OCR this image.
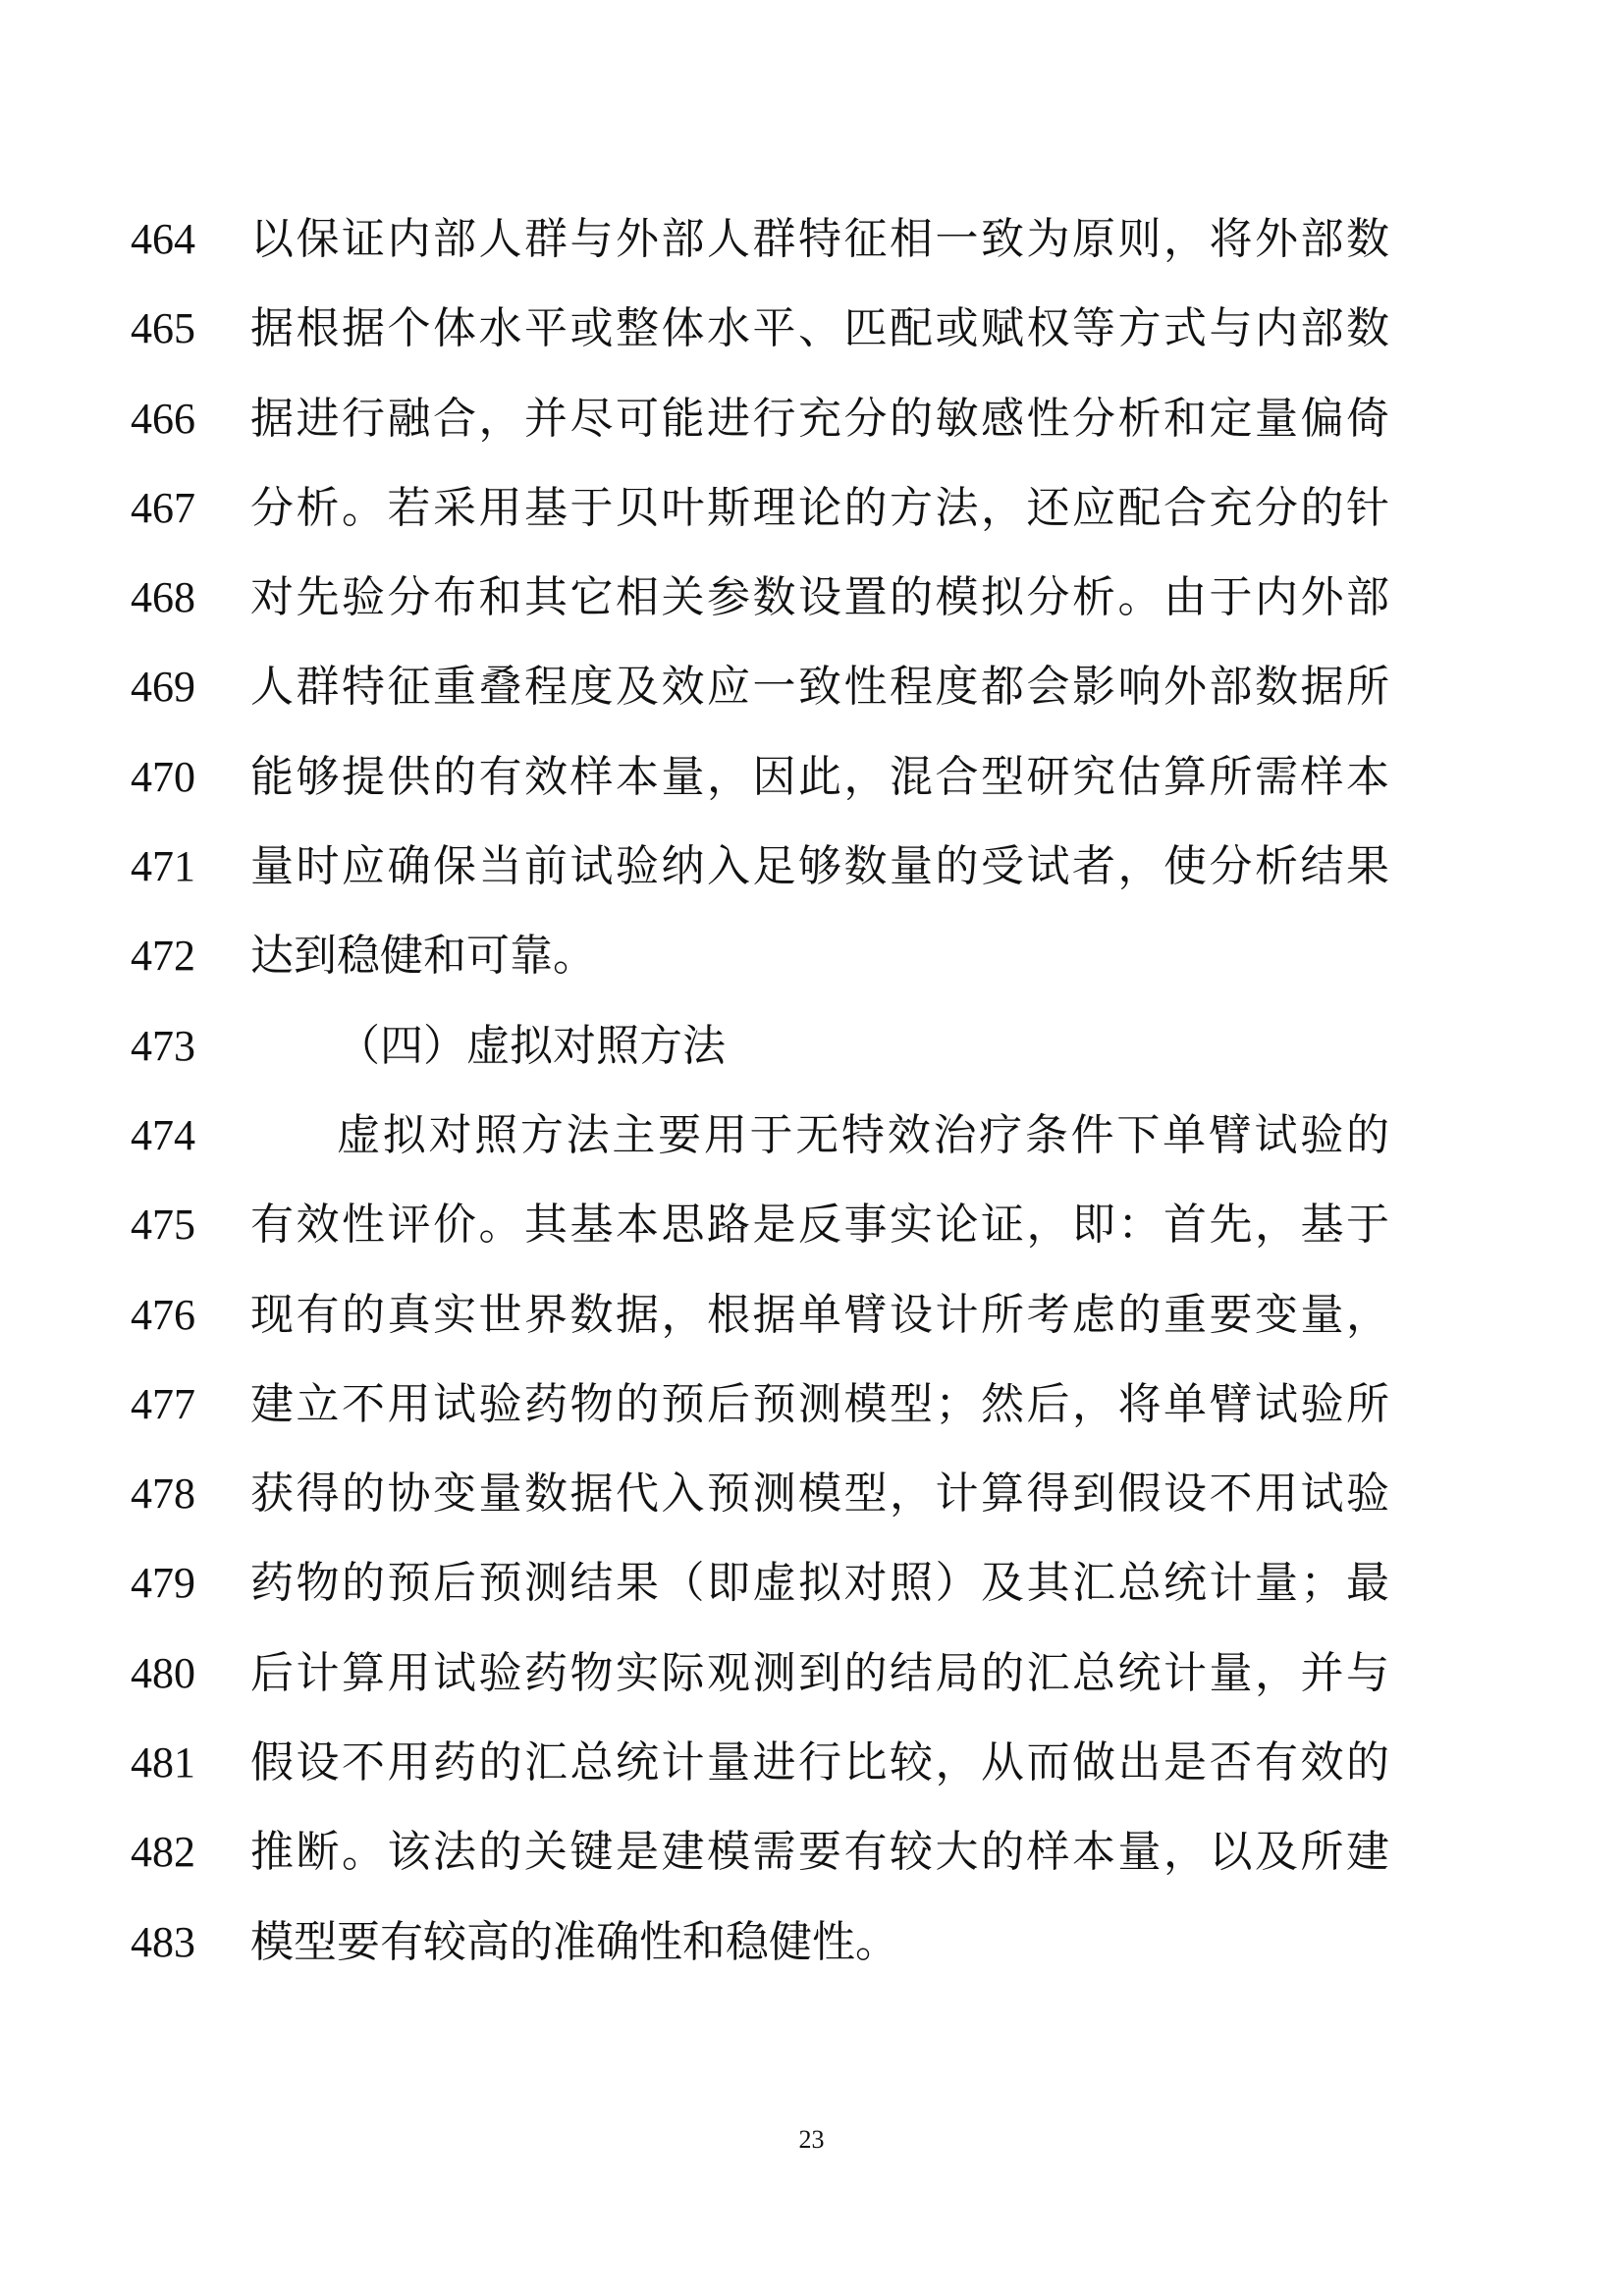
464	以保证内部人群与外部人群特征相一致为原则，将外部数
465	据根据个体水平或整体水平、匹配或赋权等方式与内部数
466	据进行融合，并尽可能进行充分的敏感性分析和定量偏倚
467	分析。若采用基于贝叶斯理论的方法，还应配合充分的针
468	对先验分布和其它相关参数设置的模拟分析。由于内外部
469	人群特征重叠程度及效应一致性程度都会影响外部数据所
470	能够提供的有效样本量，因此，混合型研究估算所需样本
471	量时应确保当前试验纳入足够数量的受试者，使分析结果
472	达到稳健和可靠。
473	（四）虚拟对照方法
474	虚拟对照方法主要用于无特效治疗条件下单臂试验的
475	有效性评价。其基本思路是反事实论证，即：首先，基于
476	现有的真实世界数据，根据单臂设计所考虑的重要变量，
477	建立不用试验药物的预后预测模型；然后，将单臂试验所
478	获得的协变量数据代入预测模型，计算得到假设不用试验
479	药物的预后预测结果（即虚拟对照）及其汇总统计量；最
480	后计算用试验药物实际观测到的结局的汇总统计量，并与
481	假设不用药的汇总统计量进行比较，从而做出是否有效的
482	推断。该法的关键是建模需要有较大的样本量，以及所建
483	模型要有较高的准确性和稳健性。
23
